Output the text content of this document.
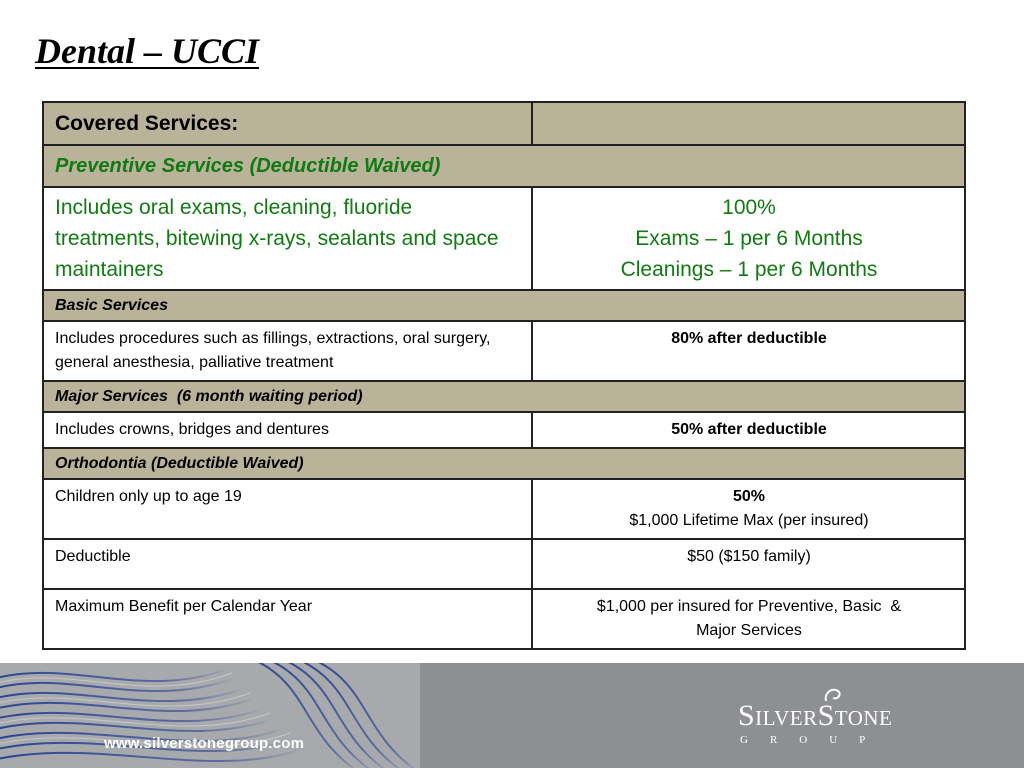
Dental – UCCI
Covered Services:	
Preventive Services (Deductible Waived)	
Includes oral exams, cleaning, fluoride treatments, bitewing x-rays, sealants and space maintainers	100%
Exams – 1 per 6 Months
Cleanings – 1 per 6 Months

Basic Services	
Includes procedures such as fillings, extractions, oral surgery, general anesthesia, palliative treatment	80% after deductible
Major Services  (6 month waiting period)	
Includes crowns, bridges and dentures	50% after deductible
Orthodontia (Deductible Waived)	
Children only up to age 19	50%
$1,000 Lifetime Max (per insured)

Deductible	$50 ($150 family)
Maximum Benefit per Calendar Year	$1,000 per insured for Preventive, Basic  &
Major Services
www.silverstonegroup.com
SilverStone
GROUP
